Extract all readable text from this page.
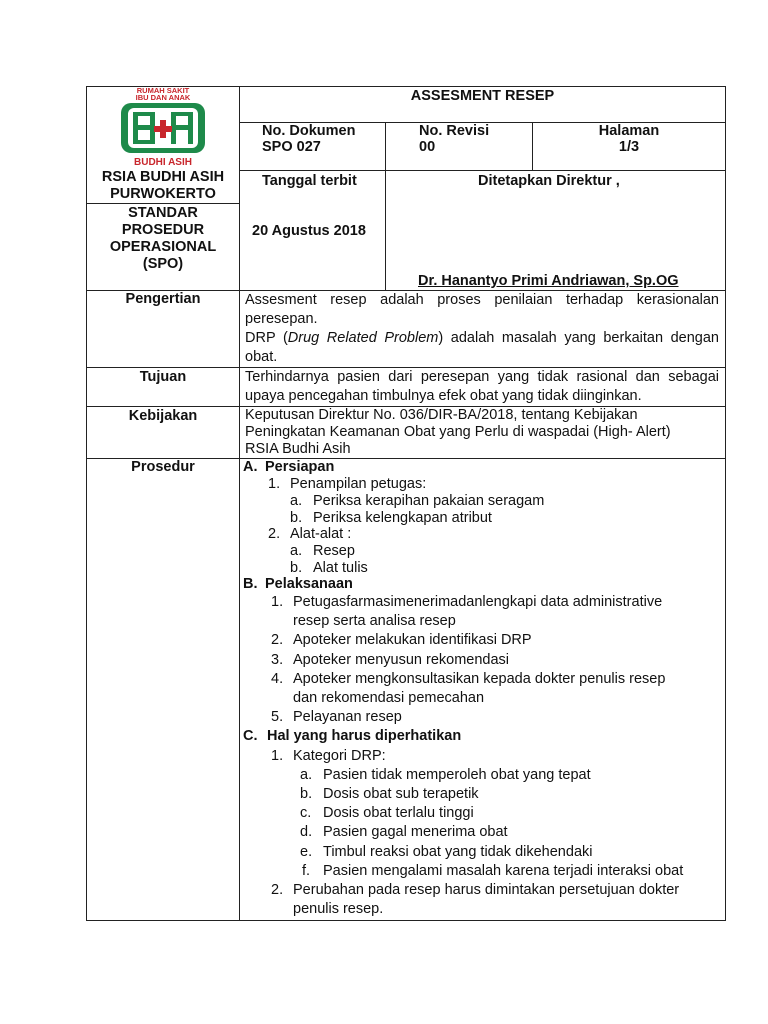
RUMAH SAKIT
IBU DAN ANAK
BUDHI ASIH
RSIA BUDHI ASIH
PURWOKERTO
STANDAR
PROSEDUR
OPERASIONAL
(SPO)
ASSESMENT RESEP
No. Dokumen
SPO 027
No. Revisi
00
Halaman
1/3
Tanggal terbit
20 Agustus 2018
Ditetapkan Direktur ,
Dr. Hanantyo Primi Andriawan, Sp.OG
Pengertian
Tujuan
Kebijakan
Prosedur
Assesment resep adalah proses penilaian terhadap kerasionalan peresepan.
DRP (Drug Related Problem) adalah masalah yang berkaitan dengan obat.
Terhindarnya pasien dari peresepan yang tidak rasional dan sebagai upaya pencegahan timbulnya efek obat yang tidak diinginkan.
Keputusan Direktur No. 036/DIR-BA/2018, tentang Kebijakan
Peningkatan Keamanan Obat yang Perlu di waspadai (High- Alert)
RSIA Budhi Asih
A. Persiapan
1. Penampilan petugas:
a. Periksa kerapihan pakaian seragam
b. Periksa kelengkapan atribut
2. Alat-alat :
a. Resep
b. Alat tulis
B. Pelaksanaan
1. Petugasfarmasimenerimadanlengkapi data administrative
resep serta analisa resep
2. Apoteker melakukan identifikasi DRP
3. Apoteker menyusun rekomendasi
4. Apoteker mengkonsultasikan kepada dokter penulis resep
dan rekomendasi pemecahan
5. Pelayanan resep
C. Hal yang harus diperhatikan
1. Kategori DRP:
a. Pasien tidak memperoleh obat yang tepat
b. Dosis obat sub terapetik
c. Dosis obat terlalu tinggi
d. Pasien gagal menerima obat
e. Timbul reaksi obat yang tidak dikehendaki
f. Pasien mengalami masalah karena terjadi interaksi obat
2. Perubahan pada resep harus dimintakan persetujuan dokter
penulis resep.
